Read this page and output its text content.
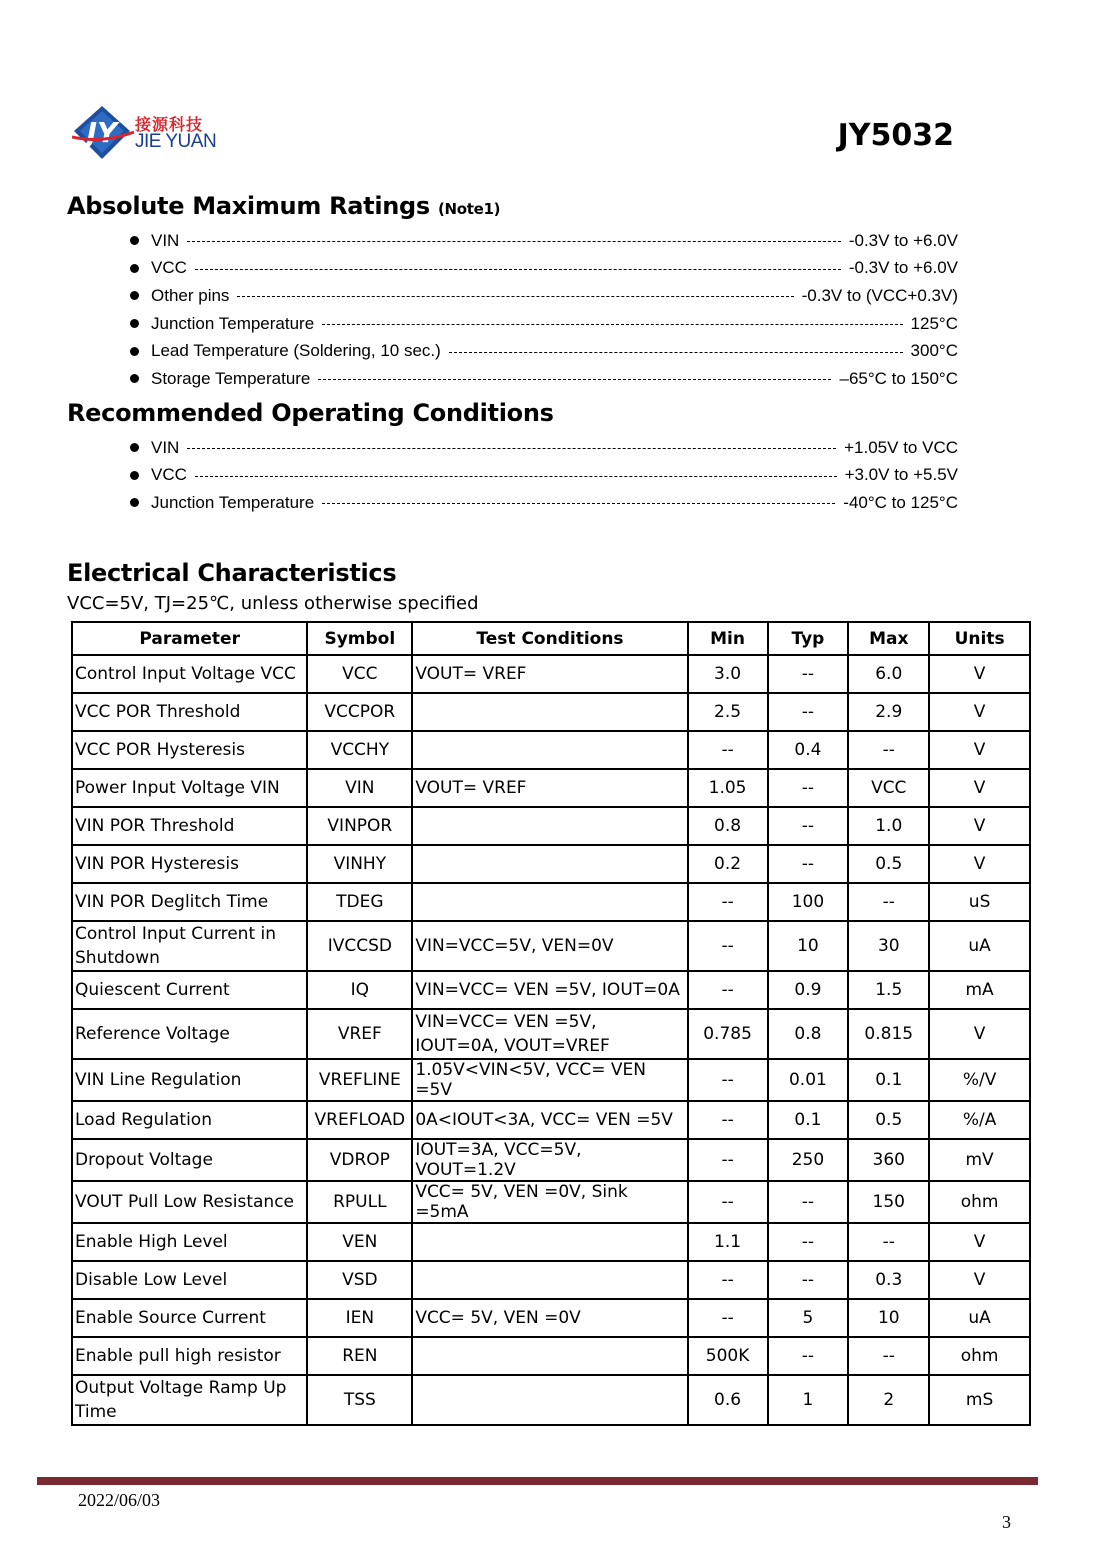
JY 接源科技
JIE YUAN	JY5032
Absolute Maximum Ratings (Note1)
VIN	-0.3V to +6.0V
VCC	-0.3V to +6.0V
Other pins	-0.3V to (VCC+0.3V)
Junction Temperature	125°C
Lead Temperature (Soldering, 10 sec.)	300°C
Storage Temperature	–65°C to 150°C
Recommended Operating Conditions
VIN	+1.05V to VCC
VCC	+3.0V to +5.5V
Junction Temperature	-40°C to 125°C
Electrical Characteristics
VCC=5V, TJ=25℃, unless otherwise specified
Parameter	Symbol	Test Conditions	Min	Typ	Max	Units
Control Input Voltage VCC	VCC	VOUT= VREF	3.0	--	6.0	V
VCC POR Threshold	VCCPOR		2.5	--	2.9	V
VCC POR Hysteresis	VCCHY		--	0.4	--	V
Power Input Voltage VIN	VIN	VOUT= VREF	1.05	--	VCC	V
VIN POR Threshold	VINPOR		0.8	--	1.0	V
VIN POR Hysteresis	VINHY		0.2	--	0.5	V
VIN POR Deglitch Time	TDEG		--	100	--	uS
Control Input Current in Shutdown	IVCCSD	VIN=VCC=5V, VEN=0V	--	10	30	uA
Quiescent Current	IQ	VIN=VCC= VEN =5V, IOUT=0A	--	0.9	1.5	mA
Reference Voltage	VREF	VIN=VCC= VEN =5V, IOUT=0A, VOUT=VREF	0.785	0.8	0.815	V
VIN Line Regulation	VREFLINE	1.05V<VIN<5V, VCC= VEN =5V	--	0.01	0.1	%/V
Load Regulation	VREFLOAD	0A<IOUT<3A, VCC= VEN =5V	--	0.1	0.5	%/A
Dropout Voltage	VDROP	IOUT=3A, VCC=5V, VOUT=1.2V	--	250	360	mV
VOUT Pull Low Resistance	RPULL	VCC= 5V, VEN =0V, Sink =5mA	--	--	150	ohm
Enable High Level	VEN		1.1	--	--	V
Disable Low Level	VSD		--	--	0.3	V
Enable Source Current	IEN	VCC= 5V, VEN =0V	--	5	10	uA
Enable pull high resistor	REN		500K	--	--	ohm
Output Voltage Ramp Up Time	TSS		0.6	1	2	mS
2022/06/03
3
